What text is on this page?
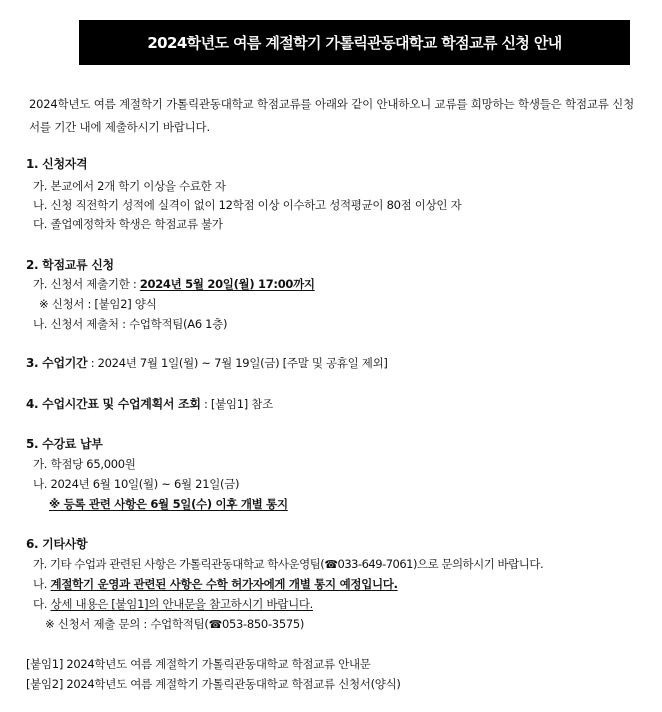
2024학년도 여름 계절학기 가톨릭관동대학교 학점교류 신청 안내
2024학년도 여름 계절학기 가톨릭관동대학교 학점교류를 아래와 같이 안내하오니 교류를 희망하는 학생들은 학점교류 신청서를 기간 내에 제출하시기 바랍니다.
1. 신청자격
가. 본교에서 2개 학기 이상을 수료한 자
나. 신청 직전학기 성적에 실격이 없이 12학점 이상 이수하고 성적평균이 80점 이상인 자
다. 졸업예정학차 학생은 학점교류 불가
2. 학점교류 신청
가. 신청서 제출기한 : 2024년 5월 20일(월) 17:00까지
※ 신청서 : [붙임2] 양식
나. 신청서 제출처 : 수업학적팀(A6 1층)
3. 수업기간 : 2024년 7월 1일(월) ~ 7월 19일(금) [주말 및 공휴일 제외]
4. 수업시간표 및 수업계획서 조회 : [붙임1] 참조
5. 수강료 납부
가. 학점당 65,000원
나. 2024년 6월 10일(월) ~ 6월 21일(금)
※ 등록 관련 사항은 6월 5일(수) 이후 개별 통지
6. 기타사항
가. 기타 수업과 관련된 사항은 가톨릭관동대학교 학사운영팀(☎033-649-7061)으로 문의하시기 바랍니다.
나. 계절학기 운영과 관련된 사항은 수학 허가자에게 개별 통지 예정입니다.
다. 상세 내용은 [붙임1]의 안내문을 참고하시기 바랍니다.
※ 신청서 제출 문의 : 수업학적팀(☎053-850-3575)
[붙임1] 2024학년도 여름 계절학기 가톨릭관동대학교 학점교류 안내문
[붙임2] 2024학년도 여름 계절학기 가톨릭관동대학교 학점교류 신청서(양식)
